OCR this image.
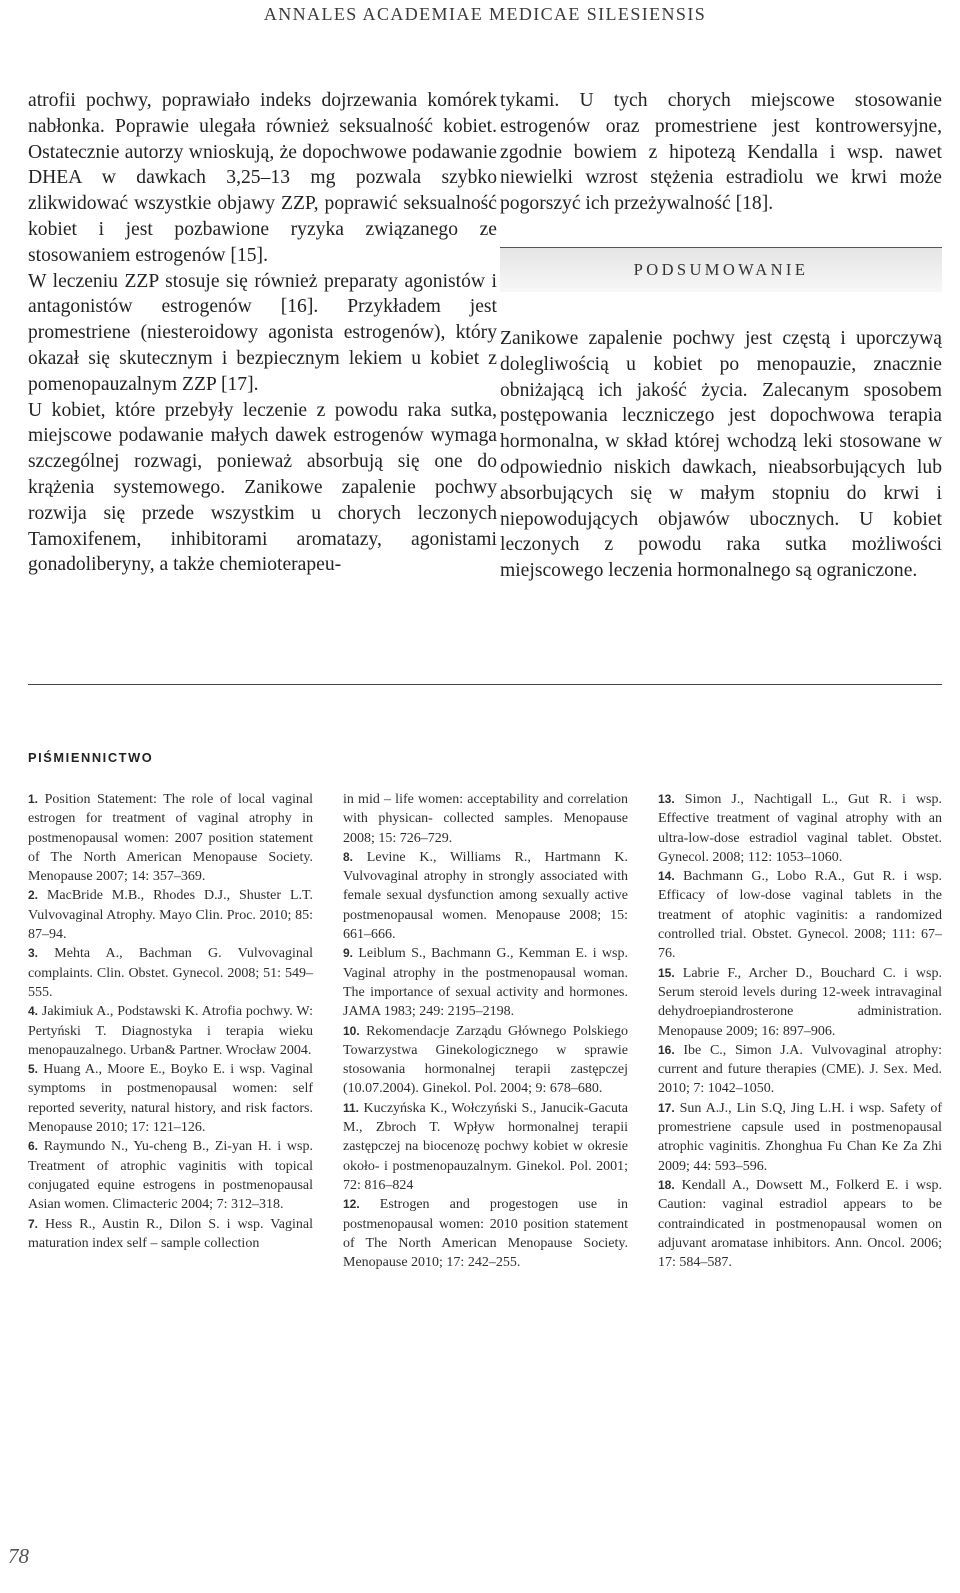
ANNALES ACADEMIAE MEDICAE SILESIENSIS

atrofii pochwy, poprawiało indeks dojrzewania komórek nabłonka. Poprawie ulegała również seksualność kobiet. Ostatecznie autorzy wnioskują, że dopochwowe podawanie DHEA w dawkach 3,25–13 mg pozwala szybko zlikwidować wszystkie objawy ZZP, poprawić seksualność kobiet i jest pozbawione ryzyka związanego ze stosowaniem estrogenów [15].

W leczeniu ZZP stosuje się również preparaty agonistów i antagonistów estrogenów [16]. Przykładem jest promestriene (niesteroidowy agonista estrogenów), który okazał się skutecznym i bezpiecznym lekiem u kobiet z pomenopauzalnym ZZP [17].

U kobiet, które przebyły leczenie z powodu raka sutka, miejscowe podawanie małych dawek estrogenów wymaga szczególnej rozwagi, ponieważ absorbują się one do krążenia systemowego. Zanikowe zapalenie pochwy rozwija się przede wszystkim u chorych leczonych Tamoxifenem, inhibitorami aromatazy, agonistami gonadoliberyny, a także chemioterapeu-

tykami. U tych chorych miejscowe stosowanie estrogenów oraz promestriene jest kontrowersyjne, zgodnie bowiem z hipotezą Kendalla i wsp. nawet niewielki wzrost stężenia estradiolu we krwi może pogorszyć ich przeżywalność [18].

PODSUMOWANIE

Zanikowe zapalenie pochwy jest częstą i uporczywą dolegliwością u kobiet po menopauzie, znacznie obniżającą ich jakość życia. Zalecanym sposobem postępowania leczniczego jest dopochwowa terapia hormonalna, w skład której wchodzą leki stosowane w odpowiednio niskich dawkach, nieabsorbujących lub absorbujących się w małym stopniu do krwi i niepowodujących objawów ubocznych. U kobiet leczonych z powodu raka sutka możliwości miejscowego leczenia hormonalnego są ograniczone.

PIŚMIENNICTWO

1. Position Statement: The role of local vaginal estrogen for treatment of vaginal atrophy in postmenopausal women: 2007 position statement of The North American Menopause Society. Menopause 2007; 14: 357–369.

2. MacBride M.B., Rhodes D.J., Shuster L.T. Vulvovaginal Atrophy. Mayo Clin. Proc. 2010; 85: 87–94.

3. Mehta A., Bachman G. Vulvovaginal complaints. Clin. Obstet. Gynecol. 2008; 51: 549–555.

4. Jakimiuk A., Podstawski K. Atrofia pochwy. W: Pertyński T. Diagnostyka i terapia wieku menopauzalnego. Urban& Partner. Wrocław 2004.

5. Huang A., Moore E., Boyko E. i wsp. Vaginal symptoms in postmenopausal women: self reported severity, natural history, and risk factors. Menopause 2010; 17: 121–126.

6. Raymundo N., Yu-cheng B., Zi-yan H. i wsp. Treatment of atrophic vaginitis with topical conjugated equine estrogens in postmenopausal Asian women. Climacteric 2004; 7: 312–318.

7. Hess R., Austin R., Dilon S. i wsp. Vaginal maturation index self – sample collection

in mid – life women: acceptability and correlation with physican- collected samples. Menopause 2008; 15: 726–729.

8. Levine K., Williams R., Hartmann K. Vulvovaginal atrophy in strongly associated with female sexual dysfunction among sexually active postmenopausal women. Menopause 2008; 15: 661–666.

9. Leiblum S., Bachmann G., Kemman E. i wsp. Vaginal atrophy in the postmenopausal woman. The importance of sexual activity and hormones. JAMA 1983; 249: 2195–2198.

10. Rekomendacje Zarządu Głównego Polskiego Towarzystwa Ginekologicznego w sprawie stosowania hormonalnej terapii zastępczej (10.07.2004). Ginekol. Pol. 2004; 9: 678–680.

11. Kuczyńska K., Wołczyński S., Janucik-Gacuta M., Zbroch T. Wpływ hormonalnej terapii zastępczej na biocenozę pochwy kobiet w okresie około- i postmenopauzalnym. Ginekol. Pol. 2001; 72: 816–824

12. Estrogen and progestogen use in postmenopausal women: 2010 position statement of The North American Menopause Society. Menopause 2010; 17: 242–255.

13. Simon J., Nachtigall L., Gut R. i wsp. Effective treatment of vaginal atrophy with an ultra-low-dose estradiol vaginal tablet. Obstet. Gynecol. 2008; 112: 1053–1060.

14. Bachmann G., Lobo R.A., Gut R. i wsp. Efficacy of low-dose vaginal tablets in the treatment of atophic vaginitis: a randomized controlled trial. Obstet. Gynecol. 2008; 111: 67–76.

15. Labrie F., Archer D., Bouchard C. i wsp. Serum steroid levels during 12-week intravaginal dehydroepiandrosterone administration. Menopause 2009; 16: 897–906.

16. Ibe C., Simon J.A. Vulvovaginal atrophy: current and future therapies (CME). J. Sex. Med. 2010; 7: 1042–1050.

17. Sun A.J., Lin S.Q, Jing L.H. i wsp. Safety of promestriene capsule used in postmenopausal atrophic vaginitis. Zhonghua Fu Chan Ke Za Zhi 2009; 44: 593–596.

18. Kendall A., Dowsett M., Folkerd E. i wsp. Caution: vaginal estradiol appears to be contraindicated in postmenopausal women on adjuvant aromatase inhibitors. Ann. Oncol. 2006; 17: 584–587.

78
